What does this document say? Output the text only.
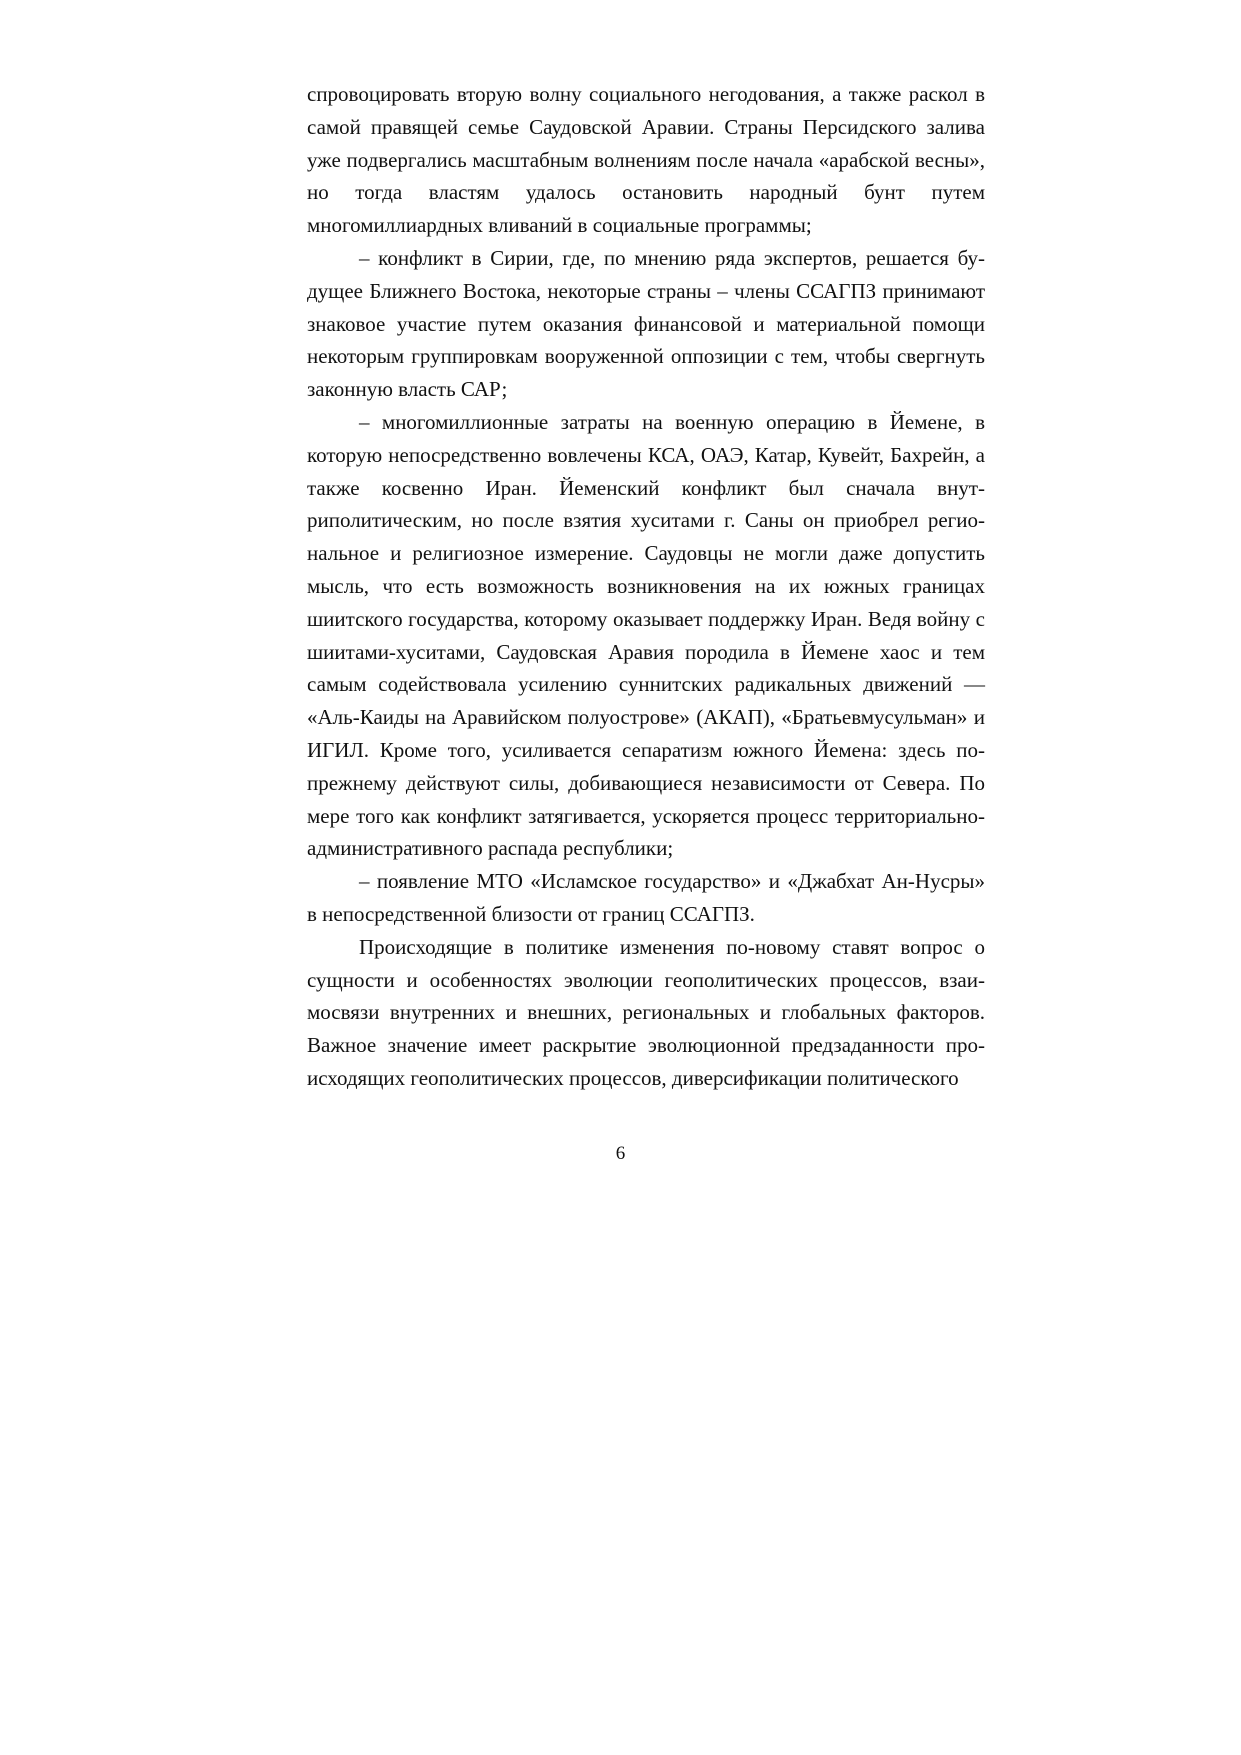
спровоцировать вторую волну социального негодования, а также раскол в самой правящей семье Саудовской Аравии. Страны Персидского залива уже подвергались масштабным волнениям после начала «арабской весны», но тогда властям удалось остановить народный бунт путем многомиллиардных вливаний в социальные программы;

– конфликт в Сирии, где, по мнению ряда экспертов, решается будущее Ближнего Востока, некоторые страны – члены ССАГПЗ принимают знаковое участие путем оказания финансовой и материальной помощи некоторым группировкам вооруженной оппозиции с тем, чтобы свергнуть законную власть САР;

– многомиллионные затраты на военную операцию в Йемене, в которую непосредственно вовлечены КСА, ОАЭ, Катар, Кувейт, Бахрейн, а также косвенно Иран. Йеменский конфликт был сначала внутриполитическим, но после взятия хуситами г. Саны он приобрел региональное и религиозное измерение. Саудовцы не могли даже допустить мысль, что есть возможность возникновения на их южных границах шиитского государства, которому оказывает поддержку Иран. Ведя войну с шиитами-хуситами, Саудовская Аравия породила в Йемене хаос и тем самым содействовала усилению суннитских радикальных движений — «Аль-Каиды на Аравийском полуострове» (АКАП), «Братьевмусульман» и ИГИЛ. Кроме того, усиливается сепаратизм южного Йемена: здесь по-прежнему действуют силы, добивающиеся независимости от Севера. По мере того как конфликт затягивается, ускоряется процесс территориально-административного распада республики;

– появление МТО «Исламское государство» и «Джабхат Ан-Нусры» в непосредственной близости от границ ССАГПЗ.

Происходящие в политике изменения по-новому ставят вопрос о сущности и особенностях эволюции геополитических процессов, взаимосвязи внутренних и внешних, региональных и глобальных факторов. Важное значение имеет раскрытие эволюционной предзаданности происходящих геополитических процессов, диверсификации политического

6
